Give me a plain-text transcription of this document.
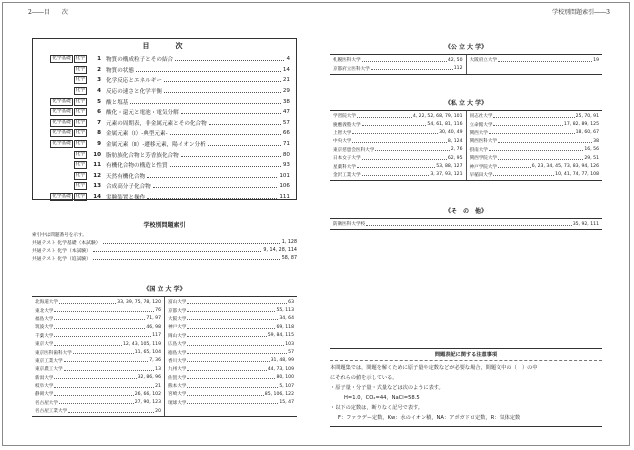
2――目　　次
目　　次
化学基礎	化学	1 物質の構成粒子とその結合	4
化学	2 物質の状態	14
化学	3 化学反応とエネルギー	21
化学	4 反応の速さと化学平衡	29
化学基礎	化学	5 酸と塩基	38
化学基礎	化学	6 酸化・還元と電池・電気分解	47
化学基礎	化学	7 元素の周期表，非金属元素とその化合物	57
化学基礎	化学	8 金属元素（Ⅰ）-典型元素-	66
化学基礎	化学	9 金属元素（Ⅱ）-遷移元素，陽イオン分析	71
化学	10 脂肪族化合物と芳香族化合物	80
化学	11 有機化合物の構造と性質	93
化学	12 天然有機化合物	101
化学	13 合成高分子化合物	106
化学基礎	化学	14 実験装置と操作	111
学校別問題索引
索引中は問題番号を示す。
共通テスト 化学基礎（本試験）	1, 128
共通テスト 化学（本試験）	9, 14, 28, 114
共通テスト 化学（追試験）	58, 87
《国 立 大 学》
北海道大学	33, 39, 75, 78, 120
東北大学	76
福島大学	71, 97
筑波大学	46, 98
千葉大学	117
東京大学	12, 43, 105, 119
東京医科歯科大学	11, 65, 104
東京工業大学	7, 36
東京農工大学	13
新潟大学	32, 86, 96
岐阜大学	21
静岡大学	26, 66, 102
名古屋大学	27, 90, 123
名古屋工業大学	20
富山大学	63
京都大学	55, 113
大阪大学	34, 64
神戸大学	69, 118
岡山大学	59, 84, 115
広島大学	103
徳島大学	57
香川大学	31, 48, 99
九州大学	44, 73, 109
佐賀大学	80, 100
熊本大学	5, 107
宮崎大学	85, 106, 122
琉球大学	15, 47
学校別問題索引――3
《公 立 大 学》
札幌医科大学	42, 50
京都府立医科大学	112
大阪府立大学	19
《私 立 大 学》
学習院大学	4, 22, 52, 68, 79, 101
慶應義塾大学	54, 61, 81, 116
上智大学	30, 40, 49
中央大学	8, 124
東京慈恵会医科大学	2, 76
日本女子大学	62, 95
星薬科大学	53, 88, 127
金沢工業大学	3, 37, 93, 121
同志社大学	25, 70, 91
立命館大学	17, 82, 89, 125
関西大学	18, 60, 67
関西医科大学	38
摂南大学	16, 56
関西学院大学	29, 51
神戸学院大学	6, 23, 34, 45, 73, 83, 94, 126
早稲田大学	10, 41, 74, 77, 108
《そ　の　他》
防衛医科大学校	35, 92, 111
問題表記に関する注意事項
本問題集では，問題を解くために原子量や定数などが必要な場合，問題文中の（　）の中
にそれらの値を示している。
・原子量・分子量・式量などは次のように表す。
H=1.0，CO₂=44，NaCl=58.5
・以下の定数は，断りなく記号で表す。
F：ファラデー定数，Kw：水のイオン積，NA：アボガドロ定数，R：気体定数
